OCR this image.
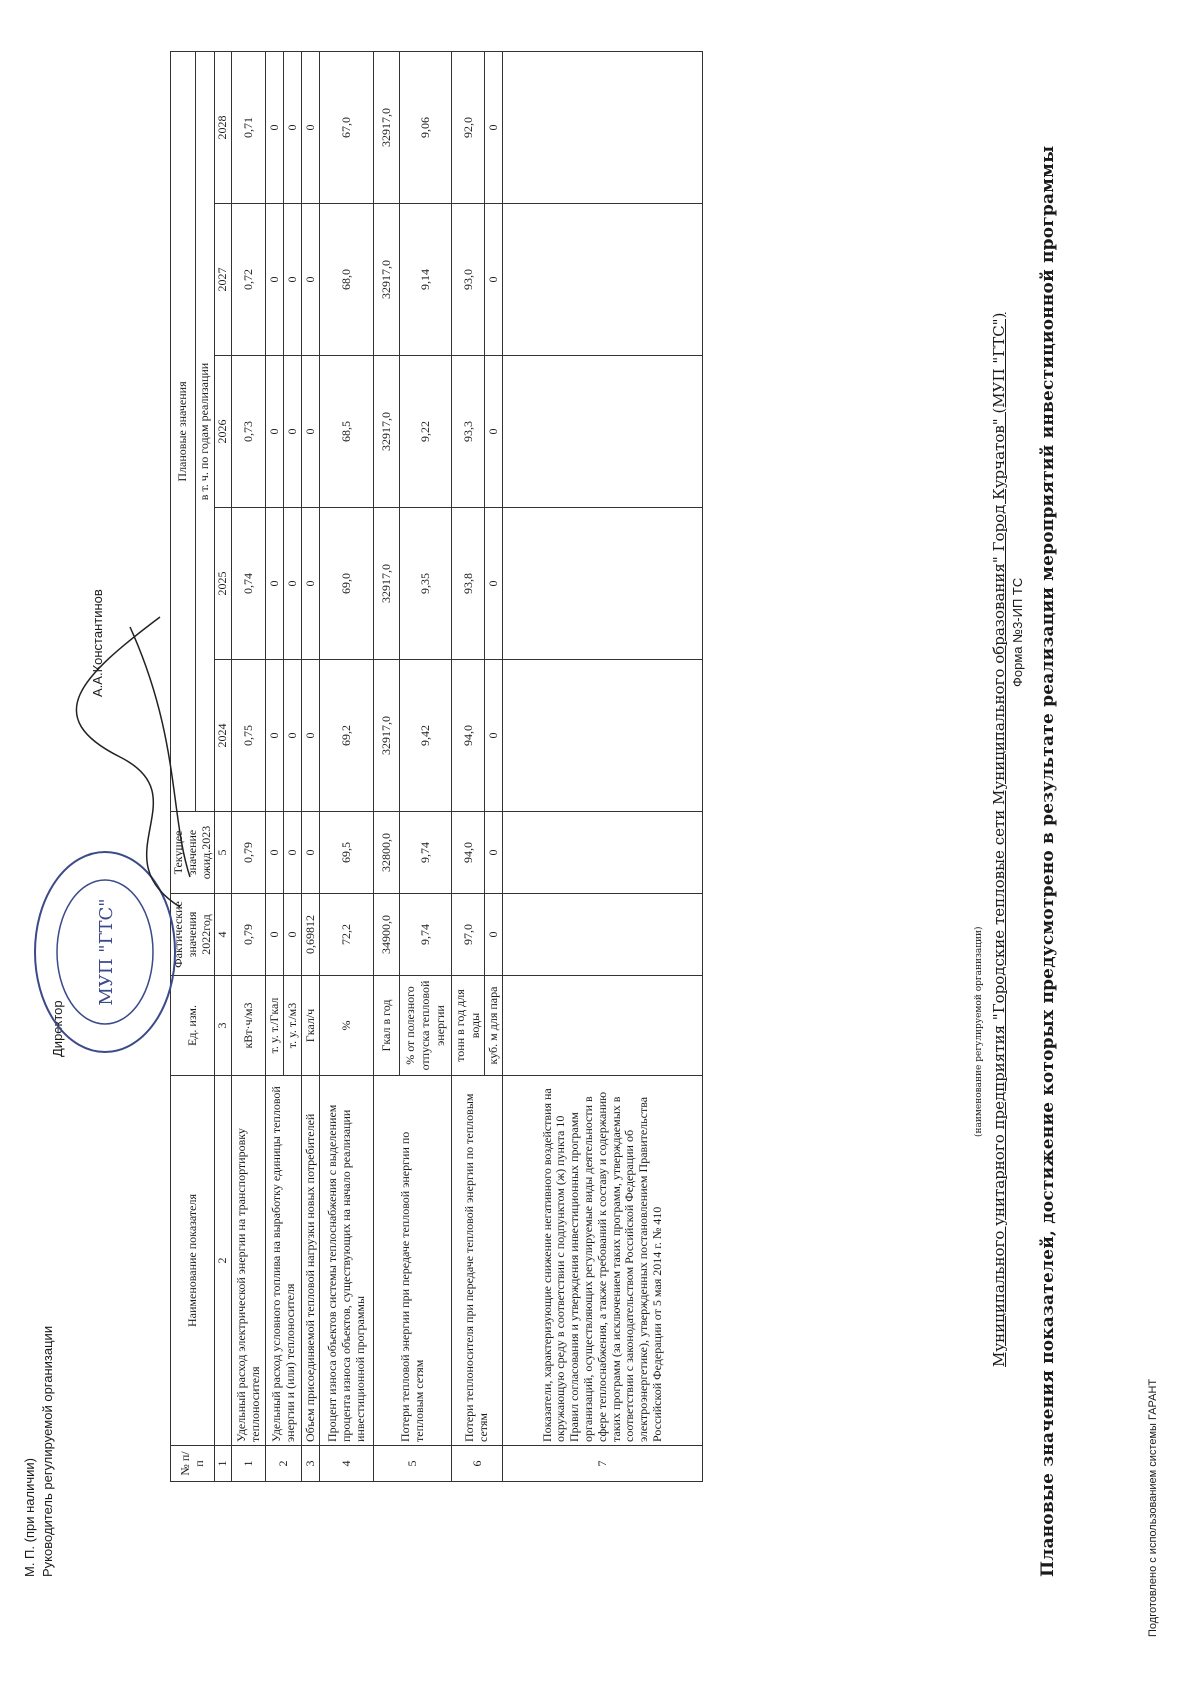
Подготовлено с использованием системы ГАРАНТ
Форма №3-ИП ТС Плановые значения показателей, достижение которых предусмотрено в результате реализации мероприятий инвестиционной программы
Муниципального унитарного предприятия "Городские тепловые сети Муниципального образования" Город Курчатов" (МУП "ГТС")
(наименование регулируемой организации)
№ п/п	Наименование показателя	Ед. изм.	Фактические значения 2022год	Текущее значение ожид.2023	Плановые значения				

					в т. ч. по годам реализации				
1	2	3	4	5	2024	2025	2026	2027	2028
1	Удельный расход электрической энергии на транспортировку теплоносителя	кВт·ч/м3	0,79	0,79	0,75	0,74	0,73	0,72	0,71
2	Удельный расход условного топлива на выработку единицы тепловой энергии и (или) теплоносителя	т. у. т./Гкал	0	0	0	0	0	0	0
		т. у. т./м3	0	0	0	0	0	0	0
3	Объем присоединяемой тепловой нагрузки новых потребителей	Гкал/ч	0,69812	0	0	0	0	0	0
4	Процент износа объектов системы теплоснабжения с выделением процента износа объектов, существующих на начало реализации инвестиционной программы	%	72,2	69,5	69,2	69,0	68,5	68,0	67,0
5	Потери тепловой энергии при передаче тепловой энергии по тепловым сетям	Гкал в год	34900,0	32800,0	32917,0	32917,0	32917,0	32917,0	32917,0
		% от полезного отпуска тепловой энергии	9,74	9,74	9,42	9,35	9,22	9,14	9,06
6	Потери теплоносителя при передаче тепловой энергии по тепловым сетям	тонн в год для воды	97,0	94,0	94,0	93,8	93,3	93,0	92,0
		куб. м для пара	0	0	0	0	0	0	0
7	Показатели, характеризующие снижение негативного воздействия на окружающую среду в соответствии с подпунктом (ж) пункта 10 Правил согласования и утверждения инвестиционных программ организаций, осуществляющих регулируемые виды деятельности в сфере теплоснабжения, а также требований к составу и содержанию таких программ (за исключением таких программ, утверждаемых в соответствии с законодательством Российской Федерации об электроэнергетике), утвержденных постановлением Правительства Российской Федерации от 5 мая 2014 г. № 410								
Руководитель регулируемой организации
М. П. (при наличии)
Директор
А.А.Константинов
МУП "ГТС"
